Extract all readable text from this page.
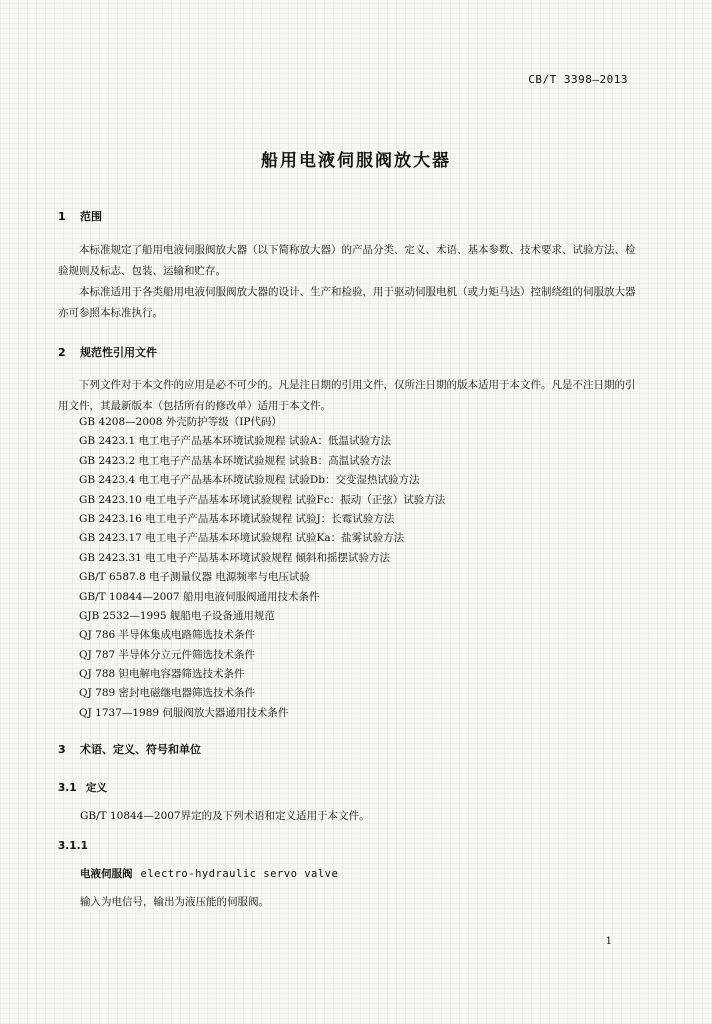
CB/T 3398—2013
船用电液伺服阀放大器
1 范围
本标准规定了船用电液伺服阀放大器（以下简称放大器）的产品分类、定义、术语、基本参数、技术要求、试验方法、检验规则及标志、包装、运输和贮存。
本标准适用于各类船用电液伺服阀放大器的设计、生产和检验，用于驱动伺服电机（或力矩马达）控制绕组的伺服放大器亦可参照本标准执行。
2 规范性引用文件
下列文件对于本文件的应用是必不可少的。凡是注日期的引用文件，仅所注日期的版本适用于本文件。凡是不注日期的引用文件，其最新版本（包括所有的修改单）适用于本文件。
GB 4208—2008 外壳防护等级（IP代码）
GB 2423.1 电工电子产品基本环境试验规程 试验A：低温试验方法
GB 2423.2 电工电子产品基本环境试验规程 试验B：高温试验方法
GB 2423.4 电工电子产品基本环境试验规程 试验Db：交变湿热试验方法
GB 2423.10 电工电子产品基本环境试验规程 试验Fc：振动（正弦）试验方法
GB 2423.16 电工电子产品基本环境试验规程 试验J：长霉试验方法
GB 2423.17 电工电子产品基本环境试验规程 试验Ka：盐雾试验方法
GB 2423.31 电工电子产品基本环境试验规程 倾斜和摇摆试验方法
GB/T 6587.8 电子测量仪器 电源频率与电压试验
GB/T 10844—2007 船用电液伺服阀通用技术条件
GJB 2532—1995 舰船电子设备通用规范
QJ 786 半导体集成电路筛选技术条件
QJ 787 半导体分立元件筛选技术条件
QJ 788 钽电解电容器筛选技术条件
QJ 789 密封电磁继电器筛选技术条件
QJ 1737—1989 伺服阀放大器通用技术条件
3 术语、定义、符号和单位
3.1 定义
GB/T 10844—2007界定的及下列术语和定义适用于本文件。
3.1.1
电液伺服阀 electro-hydraulic servo valve
输入为电信号，输出为液压能的伺服阀。
1
